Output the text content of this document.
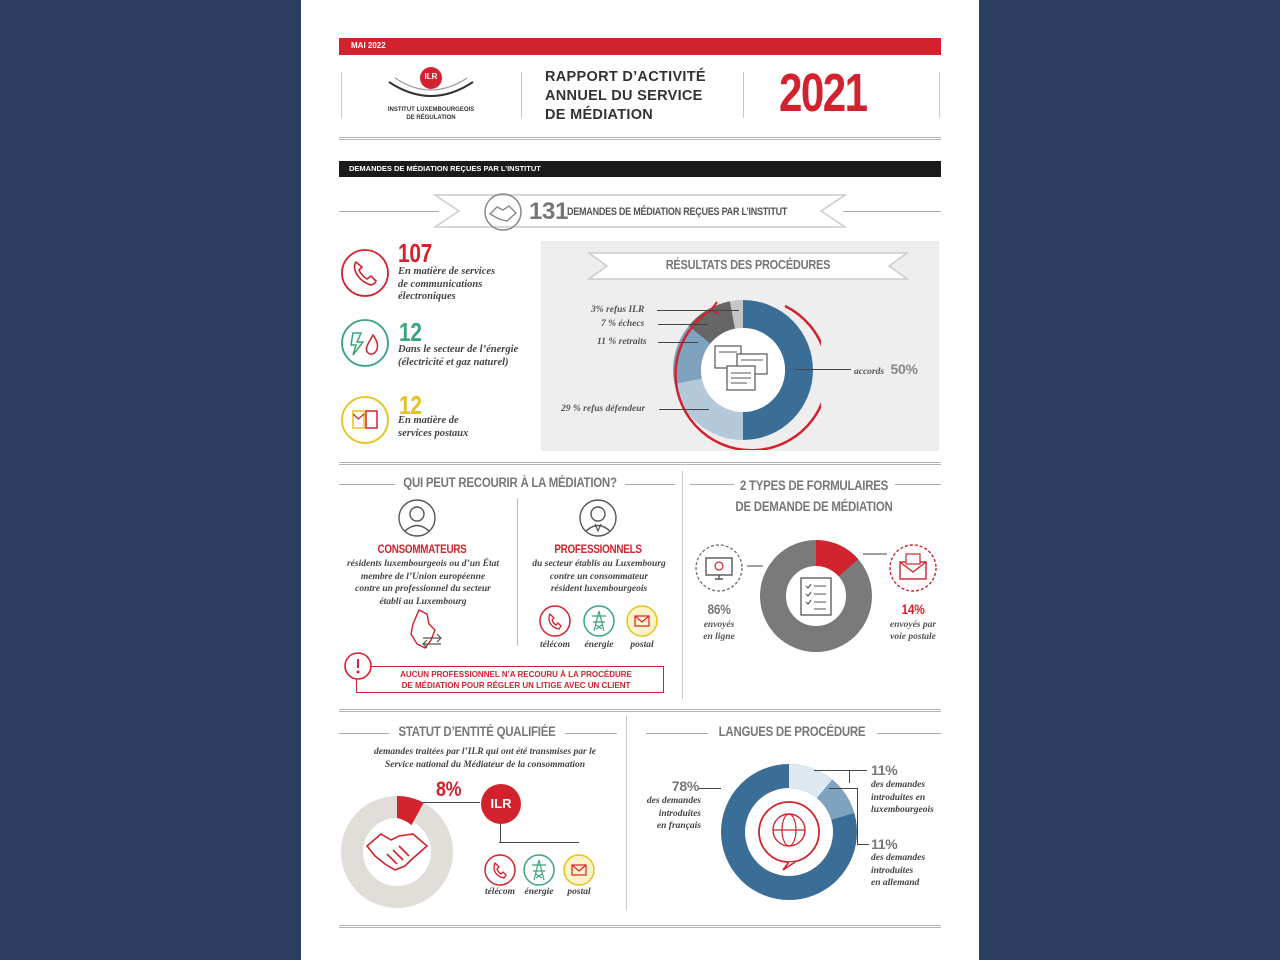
MAI 2022
ILR
INSTITUT LUXEMBOURGEOIS
DE RÉGULATION
RAPPORT D’ACTIVITÉ
ANNUEL DU SERVICE
DE MÉDIATION	2021
DEMANDES DE MÉDIATION REÇUES PAR L’INSTITUT
131
DEMANDES DE MÉDIATION REÇUES PAR L’INSTITUT
107
En matière de services
de communications
électroniques
12
Dans le secteur de l’énergie
(électricité et gaz naturel)
12
En matière de
services postaux
RÉSULTATS DES PROCÉDURES
3% refus ILR
7 % échecs
11 % retraits
29 % refus défendeur
accords 50%
QUI PEUT RECOURIR À LA MÉDIATION?
CONSOMMATEURS
résidents luxembourgeois ou d’un État
membre de l’Union européenne
contre un professionnel du secteur
établi au Luxembourg
PROFESSIONNELS
du secteur établis au Luxembourg
contre un consommateur
résident luxembourgeois
télécom	énergie	postal
AUCUN PROFESSIONNEL N’A RECOURU À LA PROCÉDURE
DE MÉDIATION POUR RÉGLER UN LITIGE AVEC UN CLIENT
2 TYPES DE FORMULAIRES
DE DEMANDE DE MÉDIATION
86%
envoyés
en ligne
14%
envoyés par
voie postale
STATUT D’ENTITÉ QUALIFIÉE
demandes traitées par l’ILR qui ont été transmises par le
Service national du Médiateur de la consommation
8%
ILR
télécom énergie	postal
LANGUES DE PROCÉDURE
78%
des demandes
introduites
en français
11%
des demandes
introduites en
luxembourgeois
11%
des demandes
introduites
en allemand
